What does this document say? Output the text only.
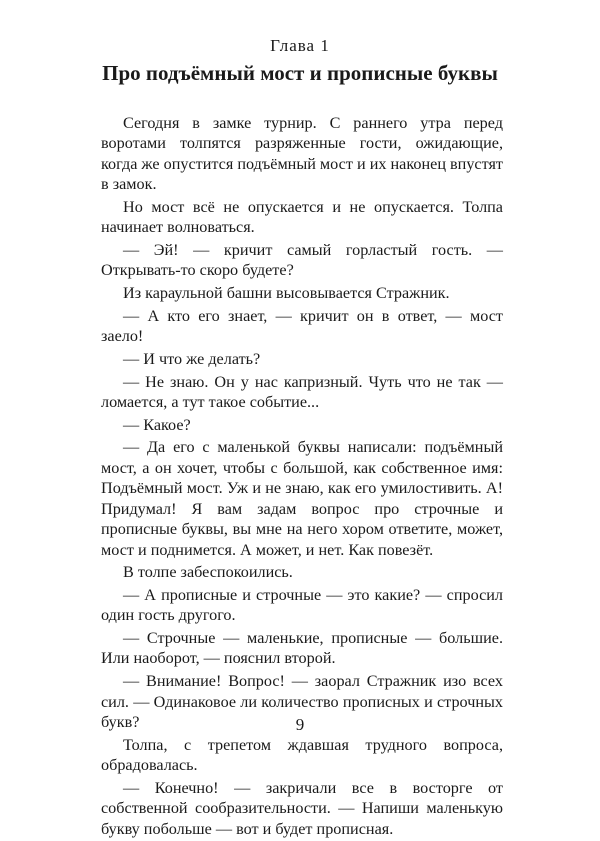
Глава 1
Про подъёмный мост и прописные буквы

Сегодня в замке турнир. С раннего утра перед воротами толпятся разряженные гости, ожидающие, когда же опустится подъёмный мост и их наконец впустят в замок.

Но мост всё не опускается и не опускается. Толпа начинает волноваться.

— Эй! — кричит самый горластый гость. — Открывать-то скоро будете?

Из караульной башни высовывается Стражник.

— А кто его знает, — кричит он в ответ, — мост заело!

— И что же делать?

— Не знаю. Он у нас капризный. Чуть что не так — ломается, а тут такое событие...

— Какое?

— Да его с маленькой буквы написали: подъёмный мост, а он хочет, чтобы с большой, как собственное имя: Подъёмный мост. Уж и не знаю, как его умилостивить. А! Придумал! Я вам задам вопрос про строчные и прописные буквы, вы мне на него хором ответите, может, мост и поднимется. А может, и нет. Как повезёт.

В толпе забеспокоились.

— А прописные и строчные — это какие? — спросил один гость другого.

— Строчные — маленькие, прописные — большие. Или наоборот, — пояснил второй.

— Внимание! Вопрос! — заорал Стражник изо всех сил. — Одинаковое ли количество прописных и строчных букв?

Толпа, с трепетом ждавшая трудного вопроса, обрадовалась.

— Конечно! — закричали все в восторге от собственной сообразительности. — Напиши маленькую букву побольше — вот и будет прописная.

9
